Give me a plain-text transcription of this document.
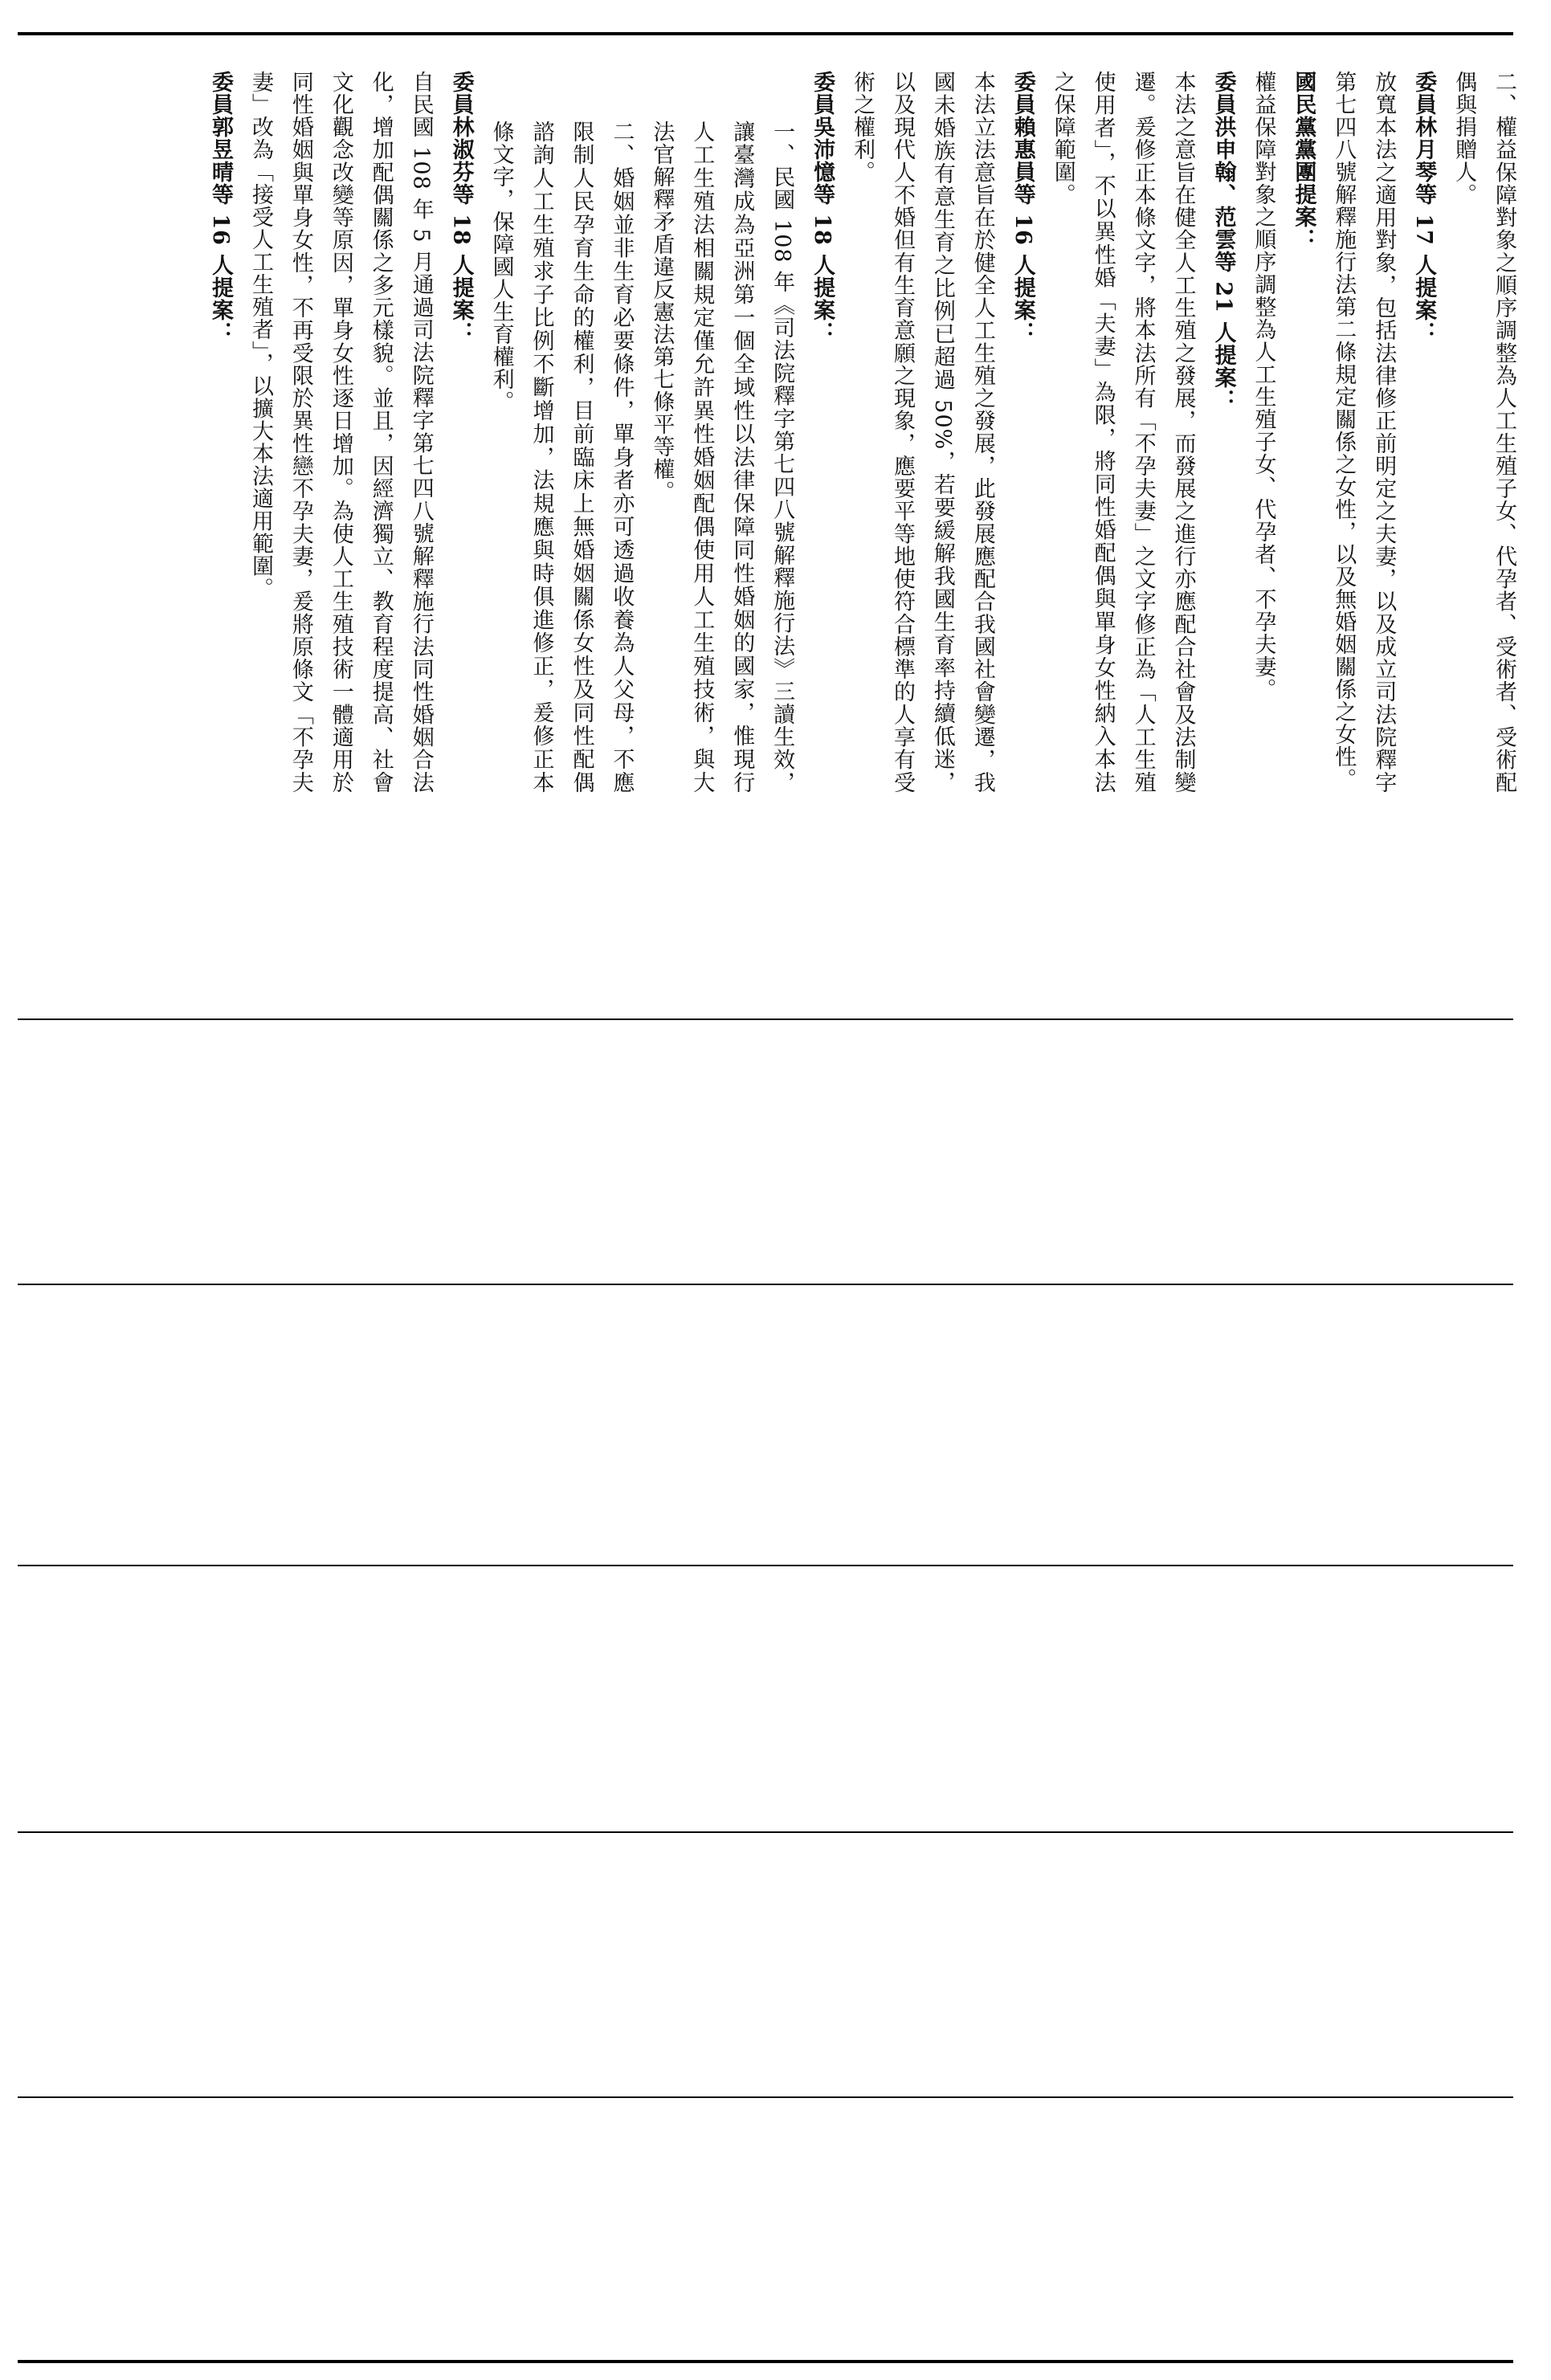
二、權益保障對象之順序調整為人工生殖子女、代孕者、受術者、受術配偶與捐贈人。

委員林月琴等 17 人提案：

放寬本法之適用對象，包括法律修正前明定之夫妻，以及成立司法院釋字第七四八號解釋施行法第二條規定關係之女性，以及無婚姻關係之女性。

國民黨黨團提案：

權益保障對象之順序調整為人工生殖子女、代孕者、不孕夫妻。

委員洪申翰、范雲等 21 人提案：

本法之意旨在健全人工生殖之發展，而發展之進行亦應配合社會及法制變遷。爰修正本條文字，將本法所有「不孕夫妻」之文字修正為「人工生殖使用者」，不以異性婚「夫妻」為限，將同性婚配偶與單身女性納入本法之保障範圍。

委員賴惠員等 16 人提案：

本法立法意旨在於健全人工生殖之發展，此發展應配合我國社會變遷，我國未婚族有意生育之比例已超過 50%，若要緩解我國生育率持續低迷，以及現代人不婚但有生育意願之現象，應要平等地使符合標準的人享有受術之權利。

委員吳沛憶等 18 人提案：

一、民國 108 年《司法院釋字第七四八號解釋施行法》三讀生效，讓臺灣成為亞洲第一個全域性以法律保障同性婚姻的國家，惟現行人工生殖法相關規定僅允許異性婚姻配偶使用人工生殖技術，與大法官解釋矛盾違反憲法第七條平等權。

二、婚姻並非生育必要條件，單身者亦可透過收養為人父母，不應限制人民孕育生命的權利，目前臨床上無婚姻關係女性及同性配偶諮詢人工生殖求子比例不斷增加，法規應與時俱進修正，爰修正本條文字，保障國人生育權利。

委員林淑芬等 18 人提案：

自民國 108 年 5 月通過司法院釋字第七四八號解釋施行法同性婚姻合法化，增加配偶關係之多元樣貌。並且，因經濟獨立、教育程度提高、社會文化觀念改變等原因，單身女性逐日增加。為使人工生殖技術一體適用於同性婚姻與單身女性，不再受限於異性戀不孕夫妻，爰將原條文「不孕夫妻」改為「接受人工生殖者」，以擴大本法適用範圍。

委員郭昱晴等 16 人提案：
